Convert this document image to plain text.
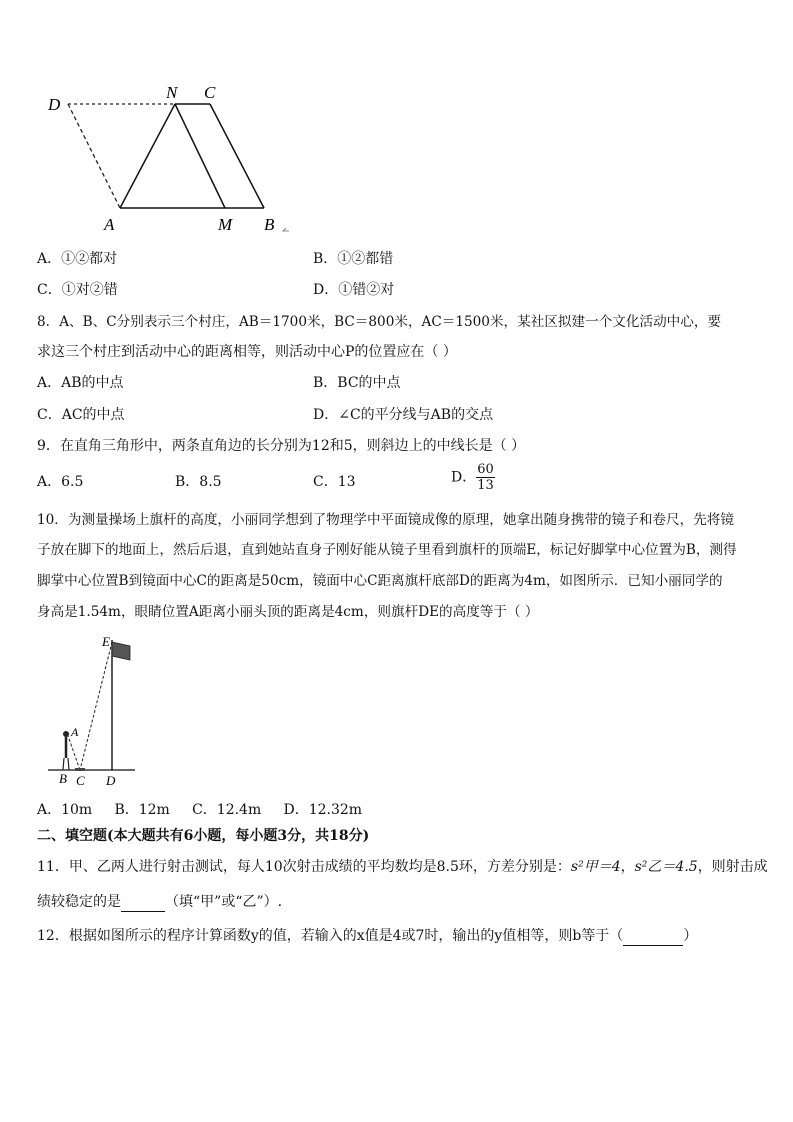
D
N C
A	M B
A．①②都对	B．①②都错
C．①对②错	D．①错②对
8．A、B、C分别表示三个村庄，AB＝1700米，BC＝800米，AC＝1500米，某社区拟建一个文化活动中心，要
求这三个村庄到活动中心的距离相等，则活动中心P的位置应在（ ）
A．AB的中点	B．BC的中点
C．AC的中点	D．∠C的平分线与AB的交点
9．在直角三角形中，两条直角边的长分别为12和5，则斜边上的中线长是（ ）
A．6.5	B．8.5	C．13	D． $\frac{60}{13}$
10．为测量操场上旗杆的高度，小丽同学想到了物理学中平面镜成像的原理，她拿出随身携带的镜子和卷尺，先将镜
子放在脚下的地面上，然后后退，直到她站直身子刚好能从镜子里看到旗杆的顶端E，标记好脚掌中心位置为B，测得
脚掌中心位置B到镜面中心C的距离是50cm，镜面中心C距离旗杆底部D的距离为4m，如图所示．已知小丽同学的
身高是1.54m，眼睛位置A距离小丽头顶的距离是4cm，则旗杆DE的高度等于（ ）
E
A
B C D
A．10m     B．12m     C．12.4m     D．12.32m
二、填空题(本大题共有6小题，每小题3分，共18分)
11．甲、乙两人进行射击测试，每人10次射击成绩的平均数均是8.5环，方差分别是：s²甲＝4，s²乙＝4.5，则射击成
绩较稳定的是	（填“甲”或“乙”）.
12．根据如图所示的程序计算函数y的值，若输入的x值是4或7时，输出的y值相等，则b等于（	）
